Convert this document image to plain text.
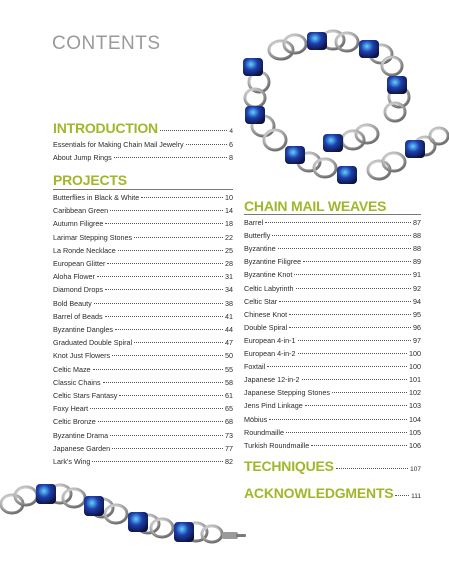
CONTENTS
INTRODUCTION	4
Essentials for Making Chain Mail Jewelry	6
About Jump Rings	8
PROJECTS
Butterflies in Black & White	10
Caribbean Green	14
Autumn Filigree	18
Larimar Stepping Stones	22
La Ronde Necklace	25
European Glitter	28
Aloha Flower	31
Diamond Drops	34
Bold Beauty	38
Barrel of Beads	41
Byzantine Dangles	44
Graduated Double Spiral	47
Knot Just Flowers	50
Celtic Maze	55
Classic Chains	58
Celtic Stars Fantasy	61
Foxy Heart	65
Celtic Bronze	68
Byzantine Drama	73
Japanese Garden	77
Lark's Wing	82
CHAIN MAIL WEAVES
Barrel	87
Butterfly	88
Byzantine	88
Byzantine Filigree	89
Byzantine Knot	91
Celtic Labyrinth	92
Celtic Star	94
Chinese Knot	95
Double Spiral	96
European 4-in-1	97
European 4-in-2	100
Foxtail	100
Japanese 12-in-2	101
Japanese Stepping Stones	102
Jens Pind Linkage	103
Möbius	104
Roundmaille	105
Turkish Roundmaille	106
TECHNIQUES	107
ACKNOWLEDGMENTS	111
